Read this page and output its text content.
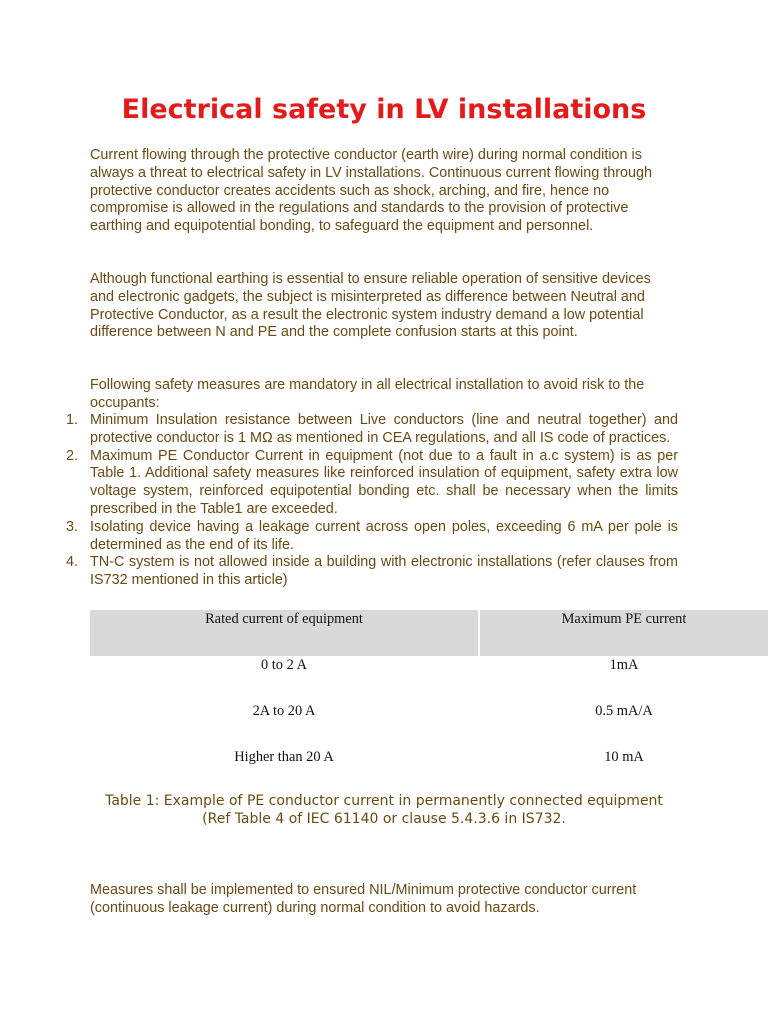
Electrical safety in LV installations

Current flowing through the protective conductor (earth wire) during normal condition is always a threat to electrical safety in LV installations. Continuous current flowing through protective conductor creates accidents such as shock, arching, and fire, hence no compromise is allowed in the regulations and standards to the provision of protective earthing and equipotential bonding, to safeguard the equipment and personnel.

Although functional earthing is essential to ensure reliable operation of sensitive devices and electronic gadgets, the subject is misinterpreted as difference between Neutral and Protective Conductor, as a result the electronic system industry demand a low potential difference between N and PE and the complete confusion starts at this point.

Following safety measures are mandatory in all electrical installation to avoid risk to the occupants:

1. Minimum Insulation resistance between Live conductors (line and neutral together) and protective conductor is 1 MΩ as mentioned in CEA regulations, and all IS code of practices.
2. Maximum PE Conductor Current in equipment (not due to a fault in a.c system) is as per Table 1. Additional safety measures like reinforced insulation of equipment, safety extra low voltage system, reinforced equipotential bonding etc. shall be necessary when the limits prescribed in the Table1 are exceeded.
3. Isolating device having a leakage current across open poles, exceeding 6 mA per pole is determined as the end of its life.
4. TN-C system is not allowed inside a building with electronic installations (refer clauses from IS732 mentioned in this article)
Rated current of equipment	Maximum PE current
0 to 2 A	1mA
2A to 20 A	0.5 mA/A
Higher than 20 A	10 mA
Table 1: Example of PE conductor current in permanently connected equipment
(Ref Table 4 of IEC 61140 or clause 5.4.3.6 in IS732.

Measures shall be implemented to ensured NIL/Minimum protective conductor current (continuous leakage current) during normal condition to avoid hazards.
